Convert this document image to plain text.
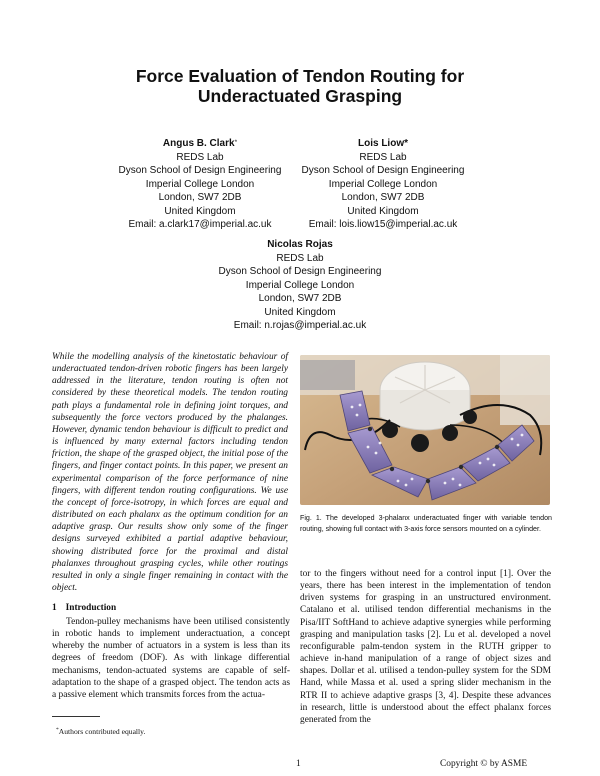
Force Evaluation of Tendon Routing for
Underactuated Grasping
Angus B. Clark*
REDS Lab
Dyson School of Design Engineering
Imperial College London
London, SW7 2DB
United Kingdom
Email: a.clark17@imperial.ac.uk
Lois Liow*
REDS Lab
Dyson School of Design Engineering
Imperial College London
London, SW7 2DB
United Kingdom
Email: lois.liow15@imperial.ac.uk
Nicolas Rojas
REDS Lab
Dyson School of Design Engineering
Imperial College London
London, SW7 2DB
United Kingdom
Email: n.rojas@imperial.ac.uk
While the modelling analysis of the kinetostatic behaviour of underactuated tendon-driven robotic fingers has been largely addressed in the literature, tendon routing is often not considered by these theoretical models. The tendon routing path plays a fundamental role in defining joint torques, and subsequently the force vectors produced by the phalanges. However, dynamic tendon behaviour is difficult to predict and is influenced by many external factors including tendon friction, the shape of the grasped object, the initial pose of the fingers, and finger contact points. In this paper, we present an experimental comparison of the force performance of nine fingers, with different tendon routing configurations. We use the concept of force-isotropy, in which forces are equal and distributed on each phalanx as the optimum condition for an adaptive grasp. Our results show only some of the finger designs surveyed exhibited a partial adaptive behaviour, showing distributed force for the proximal and distal phalanxes throughout grasping cycles, while other routings resulted in only a single finger remaining in contact with the object.
Fig. 1. The developed 3-phalanx underactuated finger with variable tendon routing, showing full contact with 3-axis force sensors mounted on a cylinder.
1 Introduction
Tendon-pulley mechanisms have been utilised consistently in robotic hands to implement underactuation, a concept whereby the number of actuators in a system is less than its degrees of freedom (DOF). As with linkage differential mechanisms, tendon-actuated systems are capable of self-adaptation to the shape of a grasped object. The tendon acts as a passive element which transmits forces from the actua-
tor to the fingers without need for a control input [1]. Over the years, there has been interest in the implementation of tendon driven systems for grasping in an unstructured environment. Catalano et al. utilised tendon differential mechanisms in the Pisa/IIT SoftHand to achieve adaptive synergies while performing grasping and manipulation tasks [2]. Lu et al. developed a novel reconfigurable palm-tendon system in the RUTH gripper to achieve in-hand manipulation of a range of object sizes and shapes. Dollar et al. utilised a tendon-pulley system for the SDM Hand, while Massa et al. used a spring slider mechanism in the RTR II to achieve adaptive grasps [3, 4]. Despite these advances in research, little is understood about the effect phalanx forces generated from the
*Authors contributed equally.
1	Copyright © by ASME
